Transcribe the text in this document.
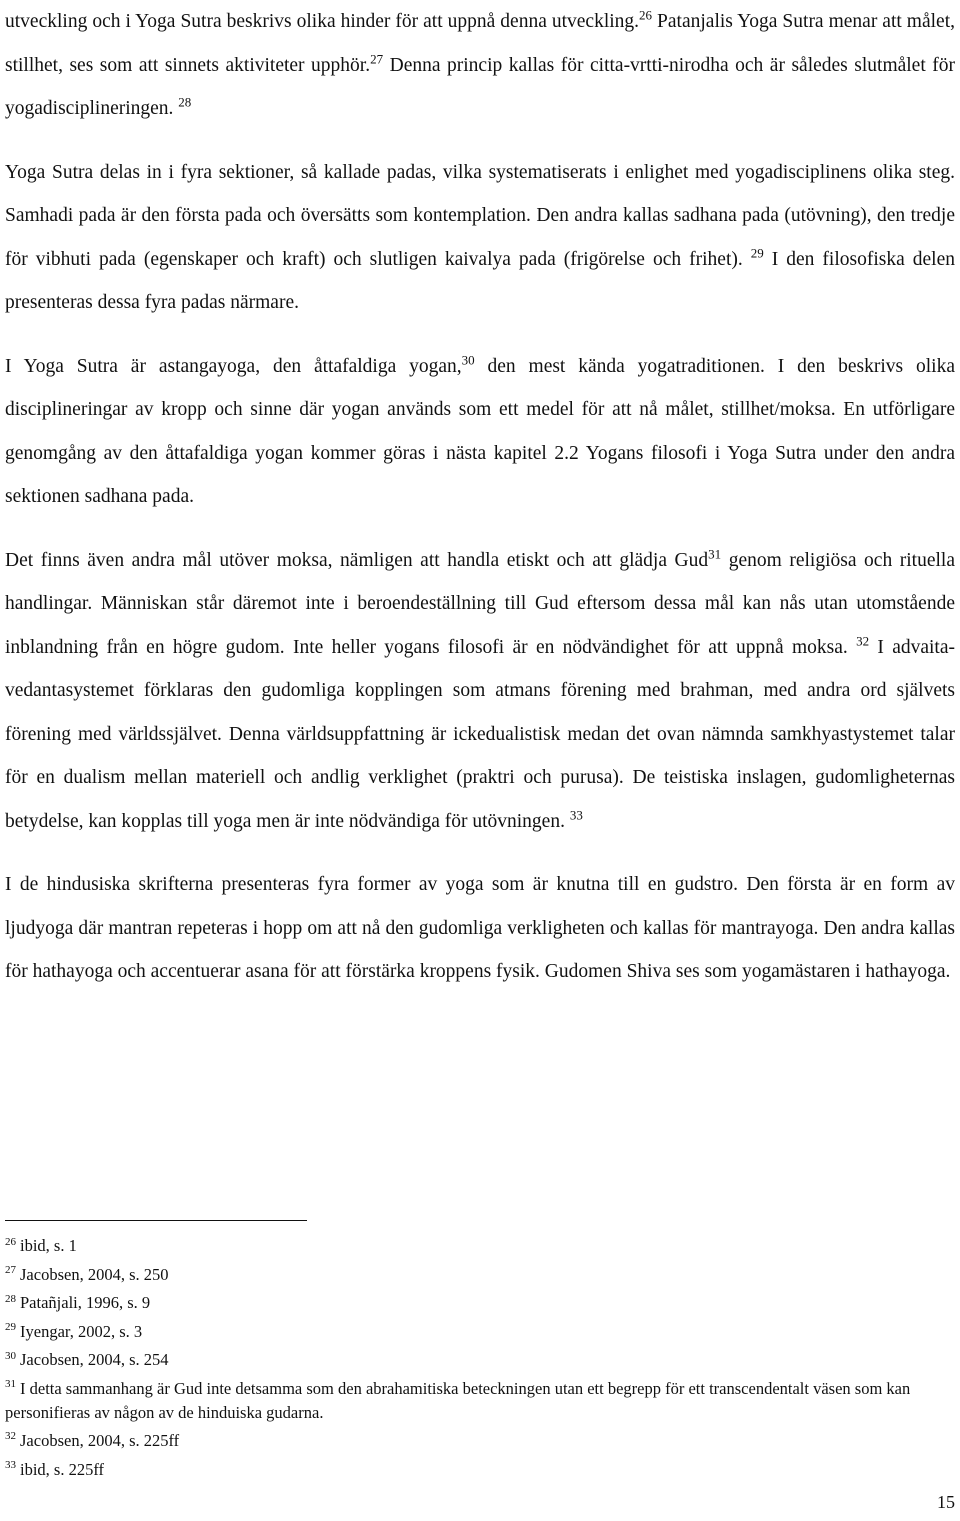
utveckling och i Yoga Sutra beskrivs olika hinder för att uppnå denna utveckling.$^{26}$ Patanjalis Yoga Sutra menar att målet, stillhet, ses som att sinnets aktiviteter upphör.$^{27}$ Denna princip kallas för citta-vrtti-nirodha och är således slutmålet för yogadisciplineringen. $^{28}$

Yoga Sutra delas in i fyra sektioner, så kallade padas, vilka systematiserats i enlighet med yogadisciplinens olika steg. Samhadi pada är den första pada och översätts som kontemplation. Den andra kallas sadhana pada (utövning), den tredje för vibhuti pada (egenskaper och kraft) och slutligen kaivalya pada (frigörelse och frihet). $^{29}$ I den filosofiska delen presenteras dessa fyra padas närmare.

I Yoga Sutra är astangayoga, den åttafaldiga yogan,$^{30}$ den mest kända yogatraditionen. I den beskrivs olika disciplineringar av kropp och sinne där yogan används som ett medel för att nå målet, stillhet/moksa. En utförligare genomgång av den åttafaldiga yogan kommer göras i nästa kapitel 2.2 Yogans filosofi i Yoga Sutra under den andra sektionen sadhana pada.

Det finns även andra mål utöver moksa, nämligen att handla etiskt och att glädja Gud$^{31}$ genom religiösa och rituella handlingar. Människan står däremot inte i beroendeställning till Gud eftersom dessa mål kan nås utan utomstående inblandning från en högre gudom. Inte heller yogans filosofi är en nödvändighet för att uppnå moksa. $^{32}$ I advaita-vedantasystemet förklaras den gudomliga kopplingen som atmans förening med brahman, med andra ord självets förening med världssjälvet. Denna världsuppfattning är ickedualistisk medan det ovan nämnda samkhyastystemet talar för en dualism mellan materiell och andlig verklighet (praktri och purusa). De teistiska inslagen, gudomligheternas betydelse, kan kopplas till yoga men är inte nödvändiga för utövningen. $^{33}$

I de hindusiska skrifterna presenteras fyra former av yoga som är knutna till en gudstro. Den första är en form av ljudyoga där mantran repeteras i hopp om att nå den gudomliga verkligheten och kallas för mantrayoga. Den andra kallas för hathayoga och accentuerar asana för att förstärka kroppens fysik. Gudomen Shiva ses som yogamästaren i hathayoga.

$^{26}$ ibid, s. 1
$^{27}$ Jacobsen, 2004, s. 250
$^{28}$ Patañjali, 1996, s. 9
$^{29}$ Iyengar, 2002, s. 3
$^{30}$ Jacobsen, 2004, s. 254
$^{31}$ I detta sammanhang är Gud inte detsamma som den abrahamitiska beteckningen utan ett begrepp för ett transcendentalt väsen som kan personifieras av någon av de hinduiska gudarna.
$^{32}$ Jacobsen, 2004, s. 225ff
$^{33}$ ibid, s. 225ff
15
